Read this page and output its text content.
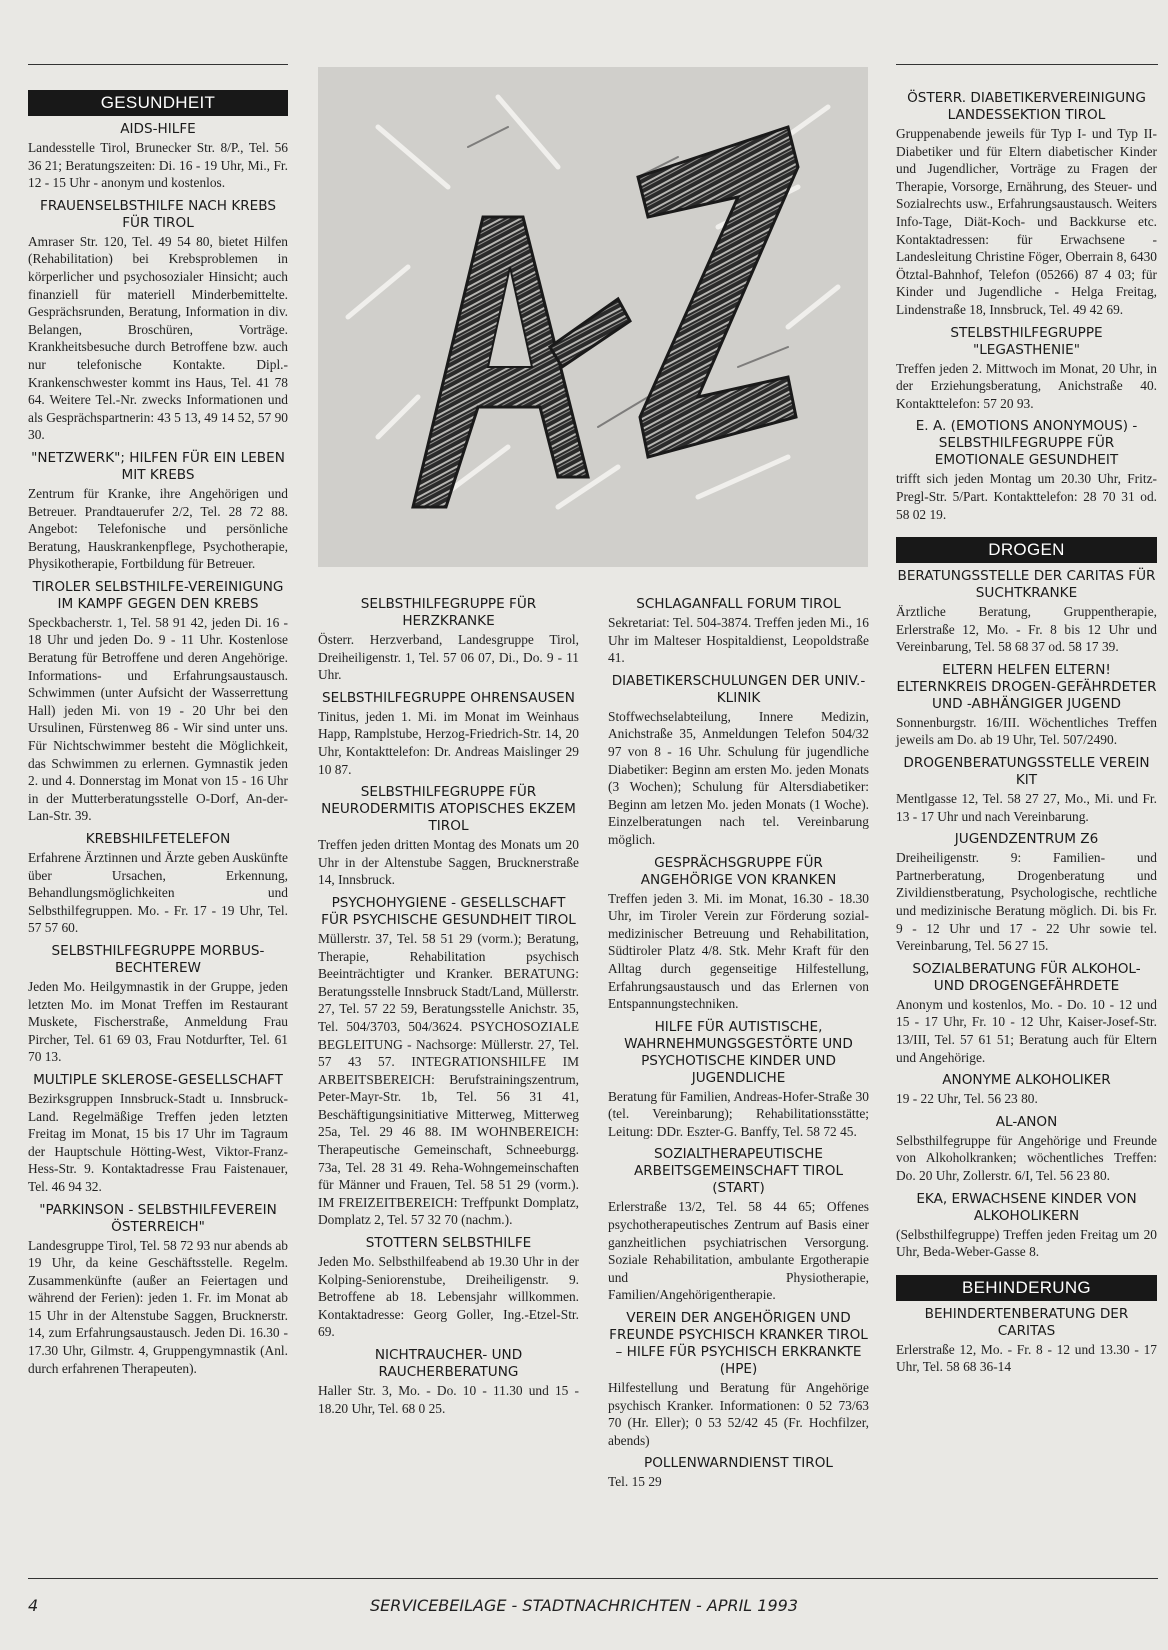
GESUNDHEIT
AIDS-HILFE
Landesstelle Tirol, Brunecker Str. 8/P., Tel. 56 36 21; Beratungszeiten: Di. 16 - 19 Uhr, Mi., Fr. 12 - 15 Uhr - anonym und kostenlos.
FRAUENSELBSTHILFE NACH KREBS FÜR TIROL
Amraser Str. 120, Tel. 49 54 80, bietet Hilfen (Rehabilitation) bei Krebsproblemen in körperlicher und psychosozialer Hinsicht; auch finanziell für materiell Minderbemittelte. Gesprächsrunden, Beratung, Information in div. Belangen, Broschüren, Vorträge. Krankheitsbesuche durch Betroffene bzw. auch nur telefonische Kontakte. Dipl.-Krankenschwester kommt ins Haus, Tel. 41 78 64. Weitere Tel.-Nr. zwecks Informationen und als Gesprächspartnerin: 43 5 13, 49 14 52, 57 90 30.
"NETZWERK"; HILFEN FÜR EIN LEBEN MIT KREBS
Zentrum für Kranke, ihre Angehörigen und Betreuer. Prandtauerufer 2/2, Tel. 28 72 88. Angebot: Telefonische und persönliche Beratung, Hauskrankenpflege, Psychotherapie, Physikotherapie, Fortbildung für Betreuer.
TIROLER SELBSTHILFE-VEREINIGUNG IM KAMPF GEGEN DEN KREBS
Speckbacherstr. 1, Tel. 58 91 42, jeden Di. 16 - 18 Uhr und jeden Do. 9 - 11 Uhr. Kostenlose Beratung für Betroffene und deren Angehörige. Informations- und Erfahrungsaustausch. Schwimmen (unter Aufsicht der Wasserrettung Hall) jeden Mi. von 19 - 20 Uhr bei den Ursulinen, Fürstenweg 86 - Wir sind unter uns. Für Nichtschwimmer besteht die Möglichkeit, das Schwimmen zu erlernen. Gymnastik jeden 2. und 4. Donnerstag im Monat von 15 - 16 Uhr in der Mutterberatungsstelle O-Dorf, An-der-Lan-Str. 39.
KREBSHILFETELEFON
Erfahrene Ärztinnen und Ärzte geben Auskünfte über Ursachen, Erkennung, Behandlungsmöglichkeiten und Selbsthilfegruppen. Mo. - Fr. 17 - 19 Uhr, Tel. 57 57 60.
SELBSTHILFEGRUPPE MORBUS-BECHTEREW
Jeden Mo. Heilgymnastik in der Gruppe, jeden letzten Mo. im Monat Treffen im Restaurant Muskete, Fischerstraße, Anmeldung Frau Pircher, Tel. 61 69 03, Frau Notdurfter, Tel. 61 70 13.
MULTIPLE SKLEROSE-GESELLSCHAFT
Bezirksgruppen Innsbruck-Stadt u. Innsbruck-Land. Regelmäßige Treffen jeden letzten Freitag im Monat, 15 bis 17 Uhr im Tagraum der Hauptschule Hötting-West, Viktor-Franz-Hess-Str. 9. Kontaktadresse Frau Faistenauer, Tel. 46 94 32.
"PARKINSON - SELBSTHILFEVEREIN ÖSTERREICH"
Landesgruppe Tirol, Tel. 58 72 93 nur abends ab 19 Uhr, da keine Geschäftsstelle. Regelm. Zusammenkünfte (außer an Feiertagen und während der Ferien): jeden 1. Fr. im Monat ab 15 Uhr in der Altenstube Saggen, Brucknerstr. 14, zum Erfahrungsaustausch. Jeden Di. 16.30 - 17.30 Uhr, Gilmstr. 4, Gruppengymnastik (Anl. durch erfahrenen Therapeuten).
SELBSTHILFEGRUPPE FÜR HERZKRANKE
Österr. Herzverband, Landesgruppe Tirol, Dreiheiligenstr. 1, Tel. 57 06 07, Di., Do. 9 - 11 Uhr.
SELBSTHILFEGRUPPE OHRENSAUSEN
Tinitus, jeden 1. Mi. im Monat im Weinhaus Happ, Ramplstube, Herzog-Friedrich-Str. 14, 20 Uhr, Kontakttelefon: Dr. Andreas Maislinger 29 10 87.
SELBSTHILFEGRUPPE FÜR NEURODERMITIS ATOPISCHES EKZEM TIROL
Treffen jeden dritten Montag des Monats um 20 Uhr in der Altenstube Saggen, Brucknerstraße 14, Innsbruck.
PSYCHOHYGIENE - GESELLSCHAFT FÜR PSYCHISCHE GESUNDHEIT TIROL
Müllerstr. 37, Tel. 58 51 29 (vorm.); Beratung, Therapie, Rehabilitation psychisch Beeinträchtigter und Kranker. BERATUNG: Beratungsstelle Innsbruck Stadt/Land, Müllerstr. 27, Tel. 57 22 59, Beratungsstelle Anichstr. 35, Tel. 504/3703, 504/3624. PSYCHOSOZIALE BEGLEITUNG - Nachsorge: Müllerstr. 27, Tel. 57 43 57. INTEGRATIONSHILFE IM ARBEITSBEREICH: Berufstrainingszentrum, Peter-Mayr-Str. 1b, Tel. 56 31 41, Beschäftigungsinitiative Mitterweg, Mitterweg 25a, Tel. 29 46 88. IM WOHNBEREICH: Therapeutische Gemeinschaft, Schneeburgg. 73a, Tel. 28 31 49. Reha-Wohngemeinschaften für Männer und Frauen, Tel. 58 51 29 (vorm.). IM FREIZEITBEREICH: Treffpunkt Domplatz, Domplatz 2, Tel. 57 32 70 (nachm.).
STOTTERN SELBSTHILFE
Jeden Mo. Selbsthilfeabend ab 19.30 Uhr in der Kolping-Seniorenstube, Dreiheiligenstr. 9. Betroffene ab 18. Lebensjahr willkommen. Kontaktadresse: Georg Goller, Ing.-Etzel-Str. 69.
NICHTRAUCHER- UND RAUCHERBERATUNG
Haller Str. 3, Mo. - Do. 10 - 11.30 und 15 - 18.20 Uhr, Tel. 68 0 25.
SCHLAGANFALL FORUM TIROL
Sekretariat: Tel. 504-3874. Treffen jeden Mi., 16 Uhr im Malteser Hospitaldienst, Leopoldstraße 41.
DIABETIKERSCHULUNGEN DER UNIV.-KLINIK
Stoffwechselabteilung, Innere Medizin, Anichstraße 35, Anmeldungen Telefon 504/32 97 von 8 - 16 Uhr. Schulung für jugendliche Diabetiker: Beginn am ersten Mo. jeden Monats (3 Wochen); Schulung für Altersdiabetiker: Beginn am letzen Mo. jeden Monats (1 Woche). Einzelberatungen nach tel. Vereinbarung möglich.
GESPRÄCHSGRUPPE FÜR ANGEHÖRIGE VON KRANKEN
Treffen jeden 3. Mi. im Monat, 16.30 - 18.30 Uhr, im Tiroler Verein zur Förderung sozial-medizinischer Betreuung und Rehabilitation, Südtiroler Platz 4/8. Stk. Mehr Kraft für den Alltag durch gegenseitige Hilfestellung, Erfahrungsaustausch und das Erlernen von Entspannungstechniken.
HILFE FÜR AUTISTISCHE, WAHRNEHMUNGSGESTÖRTE UND PSYCHOTISCHE KINDER UND JUGENDLICHE
Beratung für Familien, Andreas-Hofer-Straße 30 (tel. Vereinbarung); Rehabilitationsstätte; Leitung: DDr. Eszter-G. Banffy, Tel. 58 72 45.
SOZIALTHERAPEUTISCHE ARBEITSGEMEINSCHAFT TIROL (START)
Erlerstraße 13/2, Tel. 58 44 65; Offenes psychotherapeutisches Zentrum auf Basis einer ganzheitlichen psychiatrischen Versorgung. Soziale Rehabilitation, ambulante Ergotherapie und Physiotherapie, Familien/Angehörigentherapie.
VEREIN DER ANGEHÖRIGEN UND FREUNDE PSYCHISCH KRANKER TIROL – HILFE FÜR PSYCHISCH ERKRANKTE (HPE)
Hilfestellung und Beratung für Angehörige psychisch Kranker. Informationen: 0 52 73/63 70 (Hr. Eller); 0 53 52/42 45 (Fr. Hochfilzer, abends)
POLLENWARNDIENST TIROL
Tel. 15 29
ÖSTERR. DIABETIKERVEREINIGUNG LANDESSEKTION TIROL
Gruppenabende jeweils für Typ I- und Typ II-Diabetiker und für Eltern diabetischer Kinder und Jugendlicher, Vorträge zu Fragen der Therapie, Vorsorge, Ernährung, des Steuer- und Sozialrechts usw., Erfahrungsaustausch. Weiters Info-Tage, Diät-Koch- und Backkurse etc. Kontaktadressen: für Erwachsene - Landesleitung Christine Föger, Oberrain 8, 6430 Ötztal-Bahnhof, Telefon (05266) 87 4 03; für Kinder und Jugendliche - Helga Freitag, Lindenstraße 18, Innsbruck, Tel. 49 42 69.
STELBSTHILFEGRUPPE "LEGASTHENIE"
Treffen jeden 2. Mittwoch im Monat, 20 Uhr, in der Erziehungsberatung, Anichstraße 40. Kontakttelefon: 57 20 93.
E. A. (EMOTIONS ANONYMOUS) - SELBSTHILFEGRUPPE FÜR EMOTIONALE GESUNDHEIT
trifft sich jeden Montag um 20.30 Uhr, Fritz-Pregl-Str. 5/Part. Kontakttelefon: 28 70 31 od. 58 02 19.
DROGEN
BERATUNGSSTELLE DER CARITAS FÜR SUCHTKRANKE
Ärztliche Beratung, Gruppentherapie, Erlerstraße 12, Mo. - Fr. 8 bis 12 Uhr und Vereinbarung, Tel. 58 68 37 od. 58 17 39.
ELTERN HELFEN ELTERN! ELTERNKREIS DROGEN-GEFÄHRDETER UND -ABHÄNGIGER JUGEND
Sonnenburgstr. 16/III. Wöchentliches Treffen jeweils am Do. ab 19 Uhr, Tel. 507/2490.
DROGENBERATUNGSSTELLE VEREIN KIT
Mentlgasse 12, Tel. 58 27 27, Mo., Mi. und Fr. 13 - 17 Uhr und nach Vereinbarung.
JUGENDZENTRUM Z6
Dreiheiligenstr. 9: Familien- und Partnerberatung, Drogenberatung und Zivildienstberatung, Psychologische, rechtliche und medizinische Beratung möglich. Di. bis Fr. 9 - 12 Uhr und 17 - 22 Uhr sowie tel. Vereinbarung, Tel. 56 27 15.
SOZIALBERATUNG FÜR ALKOHOL- UND DROGENGEFÄHRDETE
Anonym und kostenlos, Mo. - Do. 10 - 12 und 15 - 17 Uhr, Fr. 10 - 12 Uhr, Kaiser-Josef-Str. 13/III, Tel. 57 61 51; Beratung auch für Eltern und Angehörige.
ANONYME ALKOHOLIKER
19 - 22 Uhr, Tel. 56 23 80.
AL-ANON
Selbsthilfegruppe für Angehörige und Freunde von Alkoholkranken; wöchentliches Treffen: Do. 20 Uhr, Zollerstr. 6/I, Tel. 56 23 80.
EKA, ERWACHSENE KINDER VON ALKOHOLIKERN
(Selbsthilfegruppe) Treffen jeden Freitag um 20 Uhr, Beda-Weber-Gasse 8.
BEHINDERUNG
BEHINDERTENBERATUNG DER CARITAS
Erlerstraße 12, Mo. - Fr. 8 - 12 und 13.30 - 17 Uhr, Tel. 58 68 36-14
SERVICEBEILAGE - STADTNACHRICHTEN - APRIL 1993
4
